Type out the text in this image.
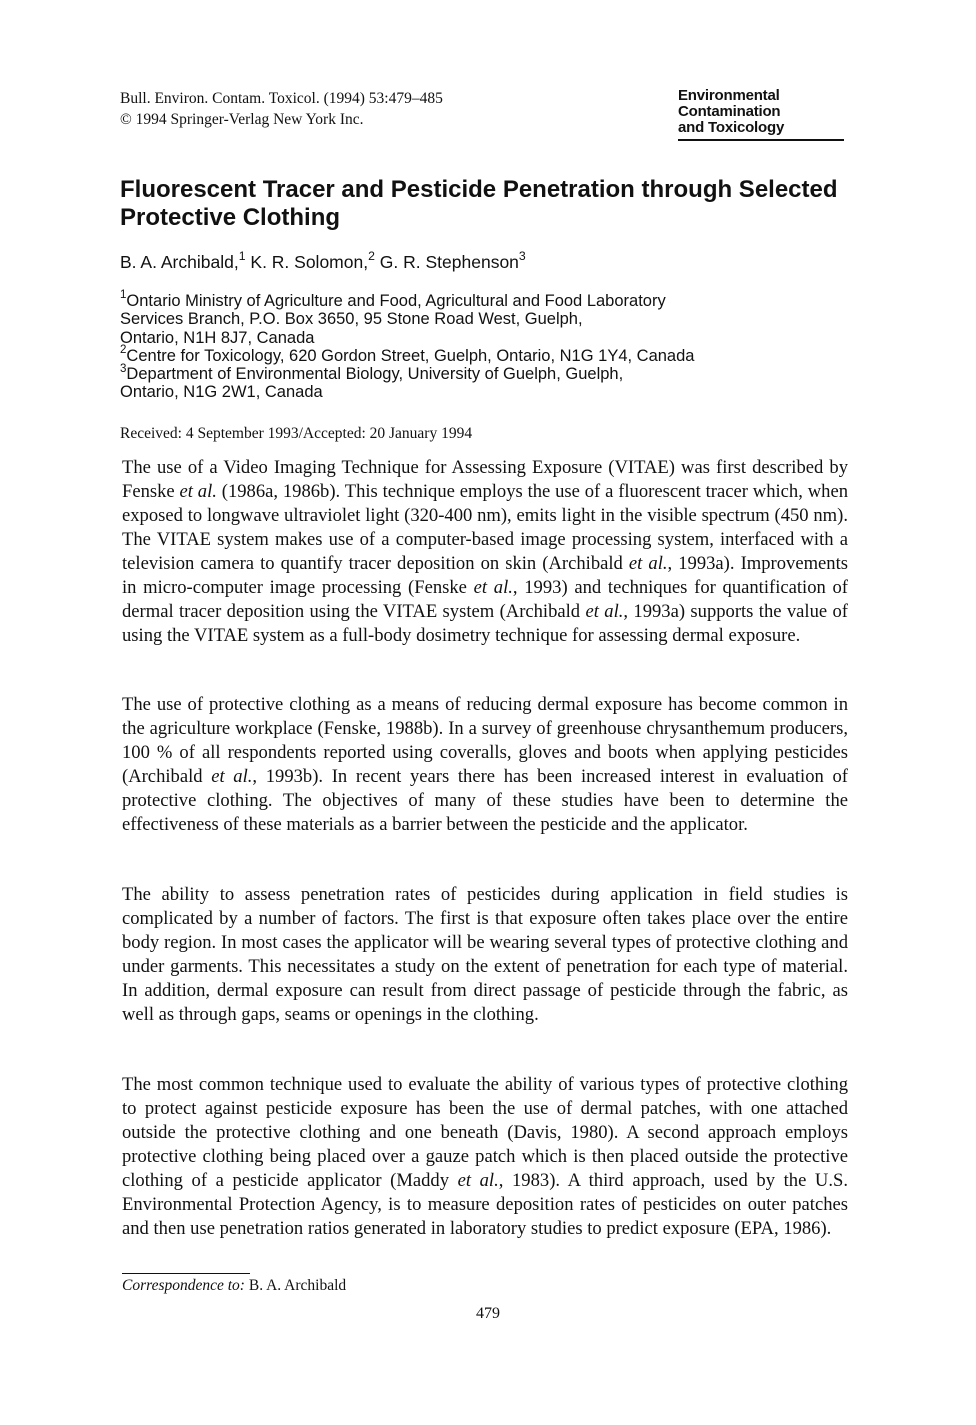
Bull. Environ. Contam. Toxicol. (1994) 53:479–485
© 1994 Springer-Verlag New York Inc.
Environmental
Contamination
and Toxicology
Fluorescent Tracer and Pesticide Penetration through Selected Protective Clothing
B. A. Archibald,$^1$ K. R. Solomon,$^2$ G. R. Stephenson$^3$
$^1$Ontario Ministry of Agriculture and Food, Agricultural and Food Laboratory
Services Branch, P.O. Box 3650, 95 Stone Road West, Guelph,
Ontario, N1H 8J7, Canada
$^2$Centre for Toxicology, 620 Gordon Street, Guelph, Ontario, N1G 1Y4, Canada
$^3$Department of Environmental Biology, University of Guelph, Guelph,
Ontario, N1G 2W1, Canada
Received: 4 September 1993/Accepted: 20 January 1994

The use of a Video Imaging Technique for Assessing Exposure (VITAE) was first described by Fenske et al. (1986a, 1986b). This technique employs the use of a fluorescent tracer which, when exposed to longwave ultraviolet light (320-400 nm), emits light in the visible spectrum (450 nm). The VITAE system makes use of a computer-based image processing system, interfaced with a television camera to quantify tracer deposition on skin (Archibald et al., 1993a). Improvements in micro-computer image processing (Fenske et al., 1993) and techniques for quantification of dermal tracer deposition using the VITAE system (Archibald et al., 1993a) supports the value of using the VITAE system as a full-body dosimetry technique for assessing dermal exposure.

The use of protective clothing as a means of reducing dermal exposure has become common in the agriculture workplace (Fenske, 1988b). In a survey of greenhouse chrysanthemum producers, 100 % of all respondents reported using coveralls, gloves and boots when applying pesticides (Archibald et al., 1993b). In recent years there has been increased interest in evaluation of protective clothing. The objectives of many of these studies have been to determine the effectiveness of these materials as a barrier between the pesticide and the applicator.

The ability to assess penetration rates of pesticides during application in field studies is complicated by a number of factors. The first is that exposure often takes place over the entire body region. In most cases the applicator will be wearing several types of protective clothing and under garments. This necessitates a study on the extent of penetration for each type of material. In addition, dermal exposure can result from direct passage of pesticide through the fabric, as well as through gaps, seams or openings in the clothing.

The most common technique used to evaluate the ability of various types of protective clothing to protect against pesticide exposure has been the use of dermal patches, with one attached outside the protective clothing and one beneath (Davis, 1980). A second approach employs protective clothing being placed over a gauze patch which is then placed outside the protective clothing of a pesticide applicator (Maddy et al., 1983). A third approach, used by the U.S. Environmental Protection Agency, is to measure deposition rates of pesticides on outer patches and then use penetration ratios generated in laboratory studies to predict exposure (EPA, 1986).

Correspondence to: B. A. Archibald
479
